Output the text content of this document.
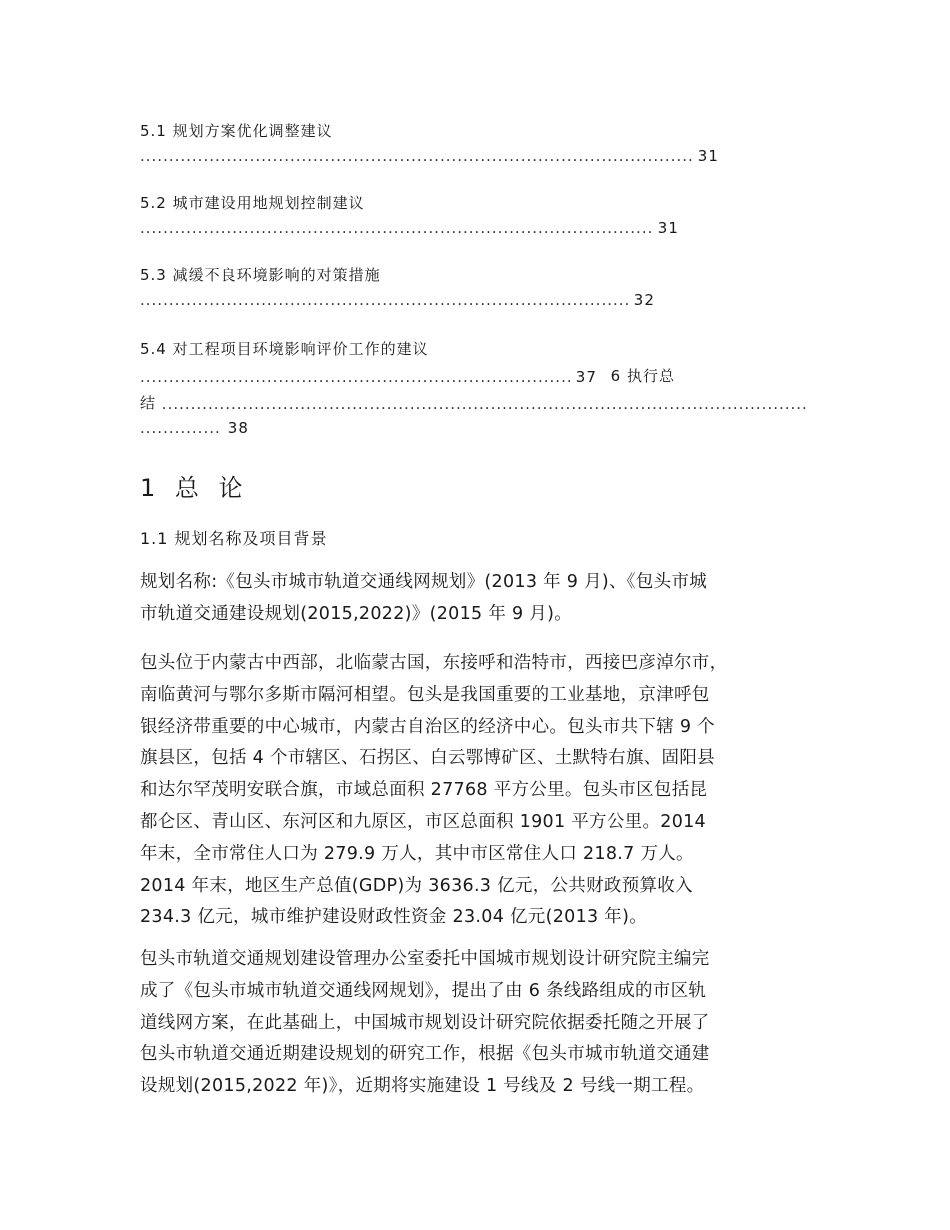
5.1 规划方案优化调整建议
..... 31
5.2 城市建设用地规划控制建议
..... 31
5.3 减缓不良环境影响的对策措施
..... 32
5.4 对工程项目环境影响评价工作的建议
..... 37 6 执行总
结 .....
..... 38
1 总 论
1.1 规划名称及项目背景
规划名称:《包头市城市轨道交通线网规划》(2013 年 9 月)、《包头市城
市轨道交通建设规划(2015,2022)》(2015 年 9 月)。
包头位于内蒙古中西部，北临蒙古国，东接呼和浩特市，西接巴彦淖尔市，
南临黄河与鄂尔多斯市隔河相望。包头是我国重要的工业基地，京津呼包
银经济带重要的中心城市，内蒙古自治区的经济中心。包头市共下辖 9 个
旗县区，包括 4 个市辖区、石拐区、白云鄂博矿区、土默特右旗、固阳县
和达尔罕茂明安联合旗，市域总面积 27768 平方公里。包头市区包括昆
都仑区、青山区、东河区和九原区，市区总面积 1901 平方公里。2014
年末，全市常住人口为 279.9 万人，其中市区常住人口 218.7 万人。
2014 年末，地区生产总值(GDP)为 3636.3 亿元，公共财政预算收入
234.3 亿元，城市维护建设财政性资金 23.04 亿元(2013 年)。
包头市轨道交通规划建设管理办公室委托中国城市规划设计研究院主编完
成了《包头市城市轨道交通线网规划》，提出了由 6 条线路组成的市区轨
道线网方案，在此基础上，中国城市规划设计研究院依据委托随之开展了
包头市轨道交通近期建设规划的研究工作，根据《包头市城市轨道交通建
设规划(2015,2022 年)》，近期将实施建设 1 号线及 2 号线一期工程。
